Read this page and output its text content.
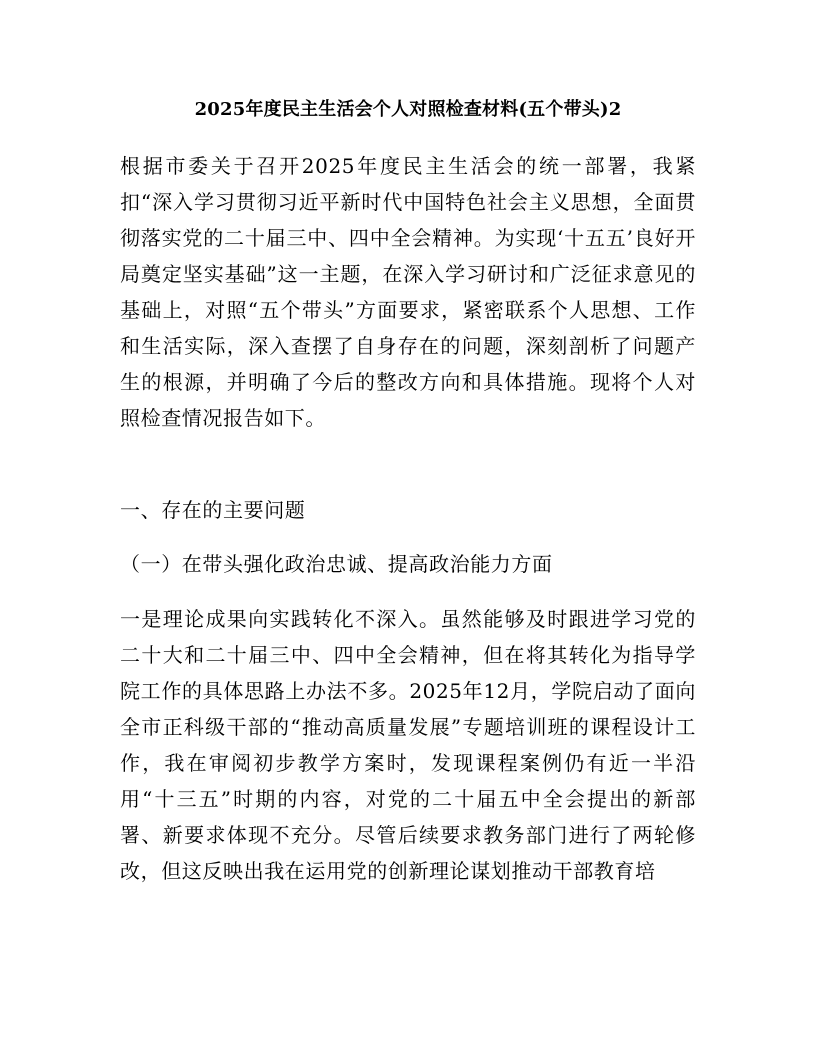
2025年度民主生活会个人对照检查材料(五个带头)2

根据市委关于召开2025年度民主生活会的统一部署，我紧扣“深入学习贯彻习近平新时代中国特色社会主义思想，全面贯彻落实党的二十届三中、四中全会精神。为实现‘十五五’良好开局奠定坚实基础”这一主题，在深入学习研讨和广泛征求意见的基础上，对照“五个带头”方面要求，紧密联系个人思想、工作和生活实际，深入查摆了自身存在的问题，深刻剖析了问题产生的根源，并明确了今后的整改方向和具体措施。现将个人对照检查情况报告如下。

一、存在的主要问题

（一）在带头强化政治忠诚、提高政治能力方面

一是理论成果向实践转化不深入。虽然能够及时跟进学习党的二十大和二十届三中、四中全会精神，但在将其转化为指导学院工作的具体思路上办法不多。2025年12月，学院启动了面向全市正科级干部的“推动高质量发展”专题培训班的课程设计工作，我在审阅初步教学方案时，发现课程案例仍有近一半沿用“十三五”时期的内容，对党的二十届五中全会提出的新部署、新要求体现不充分。尽管后续要求教务部门进行了两轮修改，但这反映出我在运用党的创新理论谋划推动干部教育培
